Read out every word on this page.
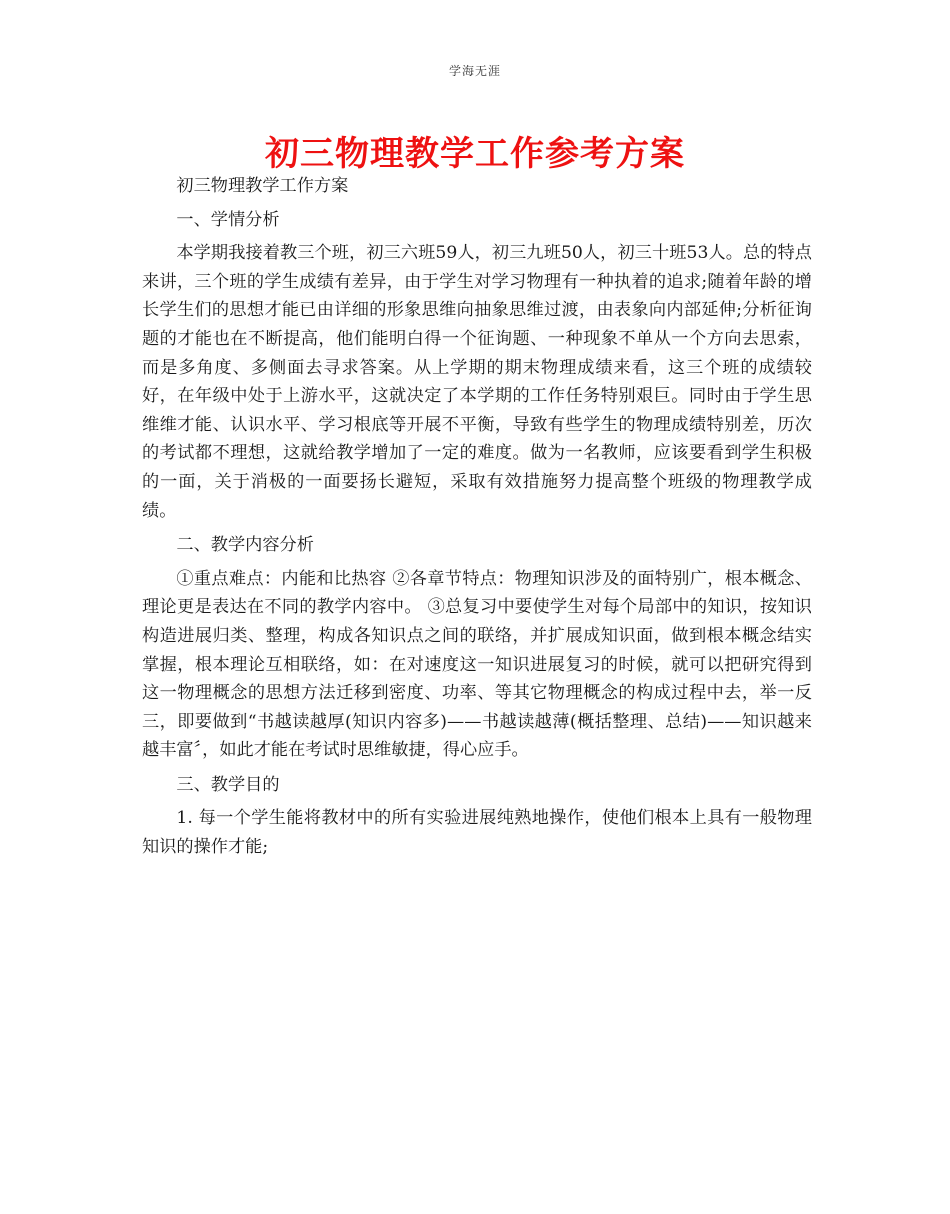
学海无涯
初三物理教学工作参考方案

初三物理教学工作方案

一、学情分析

本学期我接着教三个班，初三六班59人，初三九班50人，初三十班53人。总的特点来讲，三个班的学生成绩有差异，由于学生对学习物理有一种执着的追求;随着年龄的增长学生们的思想才能已由详细的形象思维向抽象思维过渡，由表象向内部延伸;分析征询题的才能也在不断提高，他们能明白得一个征询题、一种现象不单从一个方向去思索，而是多角度、多侧面去寻求答案。从上学期的期末物理成绩来看，这三个班的成绩较好，在年级中处于上游水平，这就决定了本学期的工作任务特别艰巨。同时由于学生思维维才能、认识水平、学习根底等开展不平衡，导致有些学生的物理成绩特别差，历次的考试都不理想，这就给教学增加了一定的难度。做为一名教师，应该要看到学生积极的一面，关于消极的一面要扬长避短，采取有效措施努力提高整个班级的物理教学成绩。

二、教学内容分析

①重点难点：内能和比热容 ②各章节特点：物理知识涉及的面特别广，根本概念、理论更是表达在不同的教学内容中。 ③总复习中要使学生对每个局部中的知识，按知识构造进展归类、整理，构成各知识点之间的联络，并扩展成知识面，做到根本概念结实掌握，根本理论互相联络，如：在对速度这一知识进展复习的时候，就可以把研究得到这一物理概念的思想方法迁移到密度、功率、等其它物理概念的构成过程中去，举一反三，即要做到“书越读越厚(知识内容多)——书越读越薄(概括整理、总结)——知识越来越丰富〞，如此才能在考试时思维敏捷，得心应手。

三、教学目的

1. 每一个学生能将教材中的所有实验进展纯熟地操作，使他们根本上具有一般物理知识的操作才能;
